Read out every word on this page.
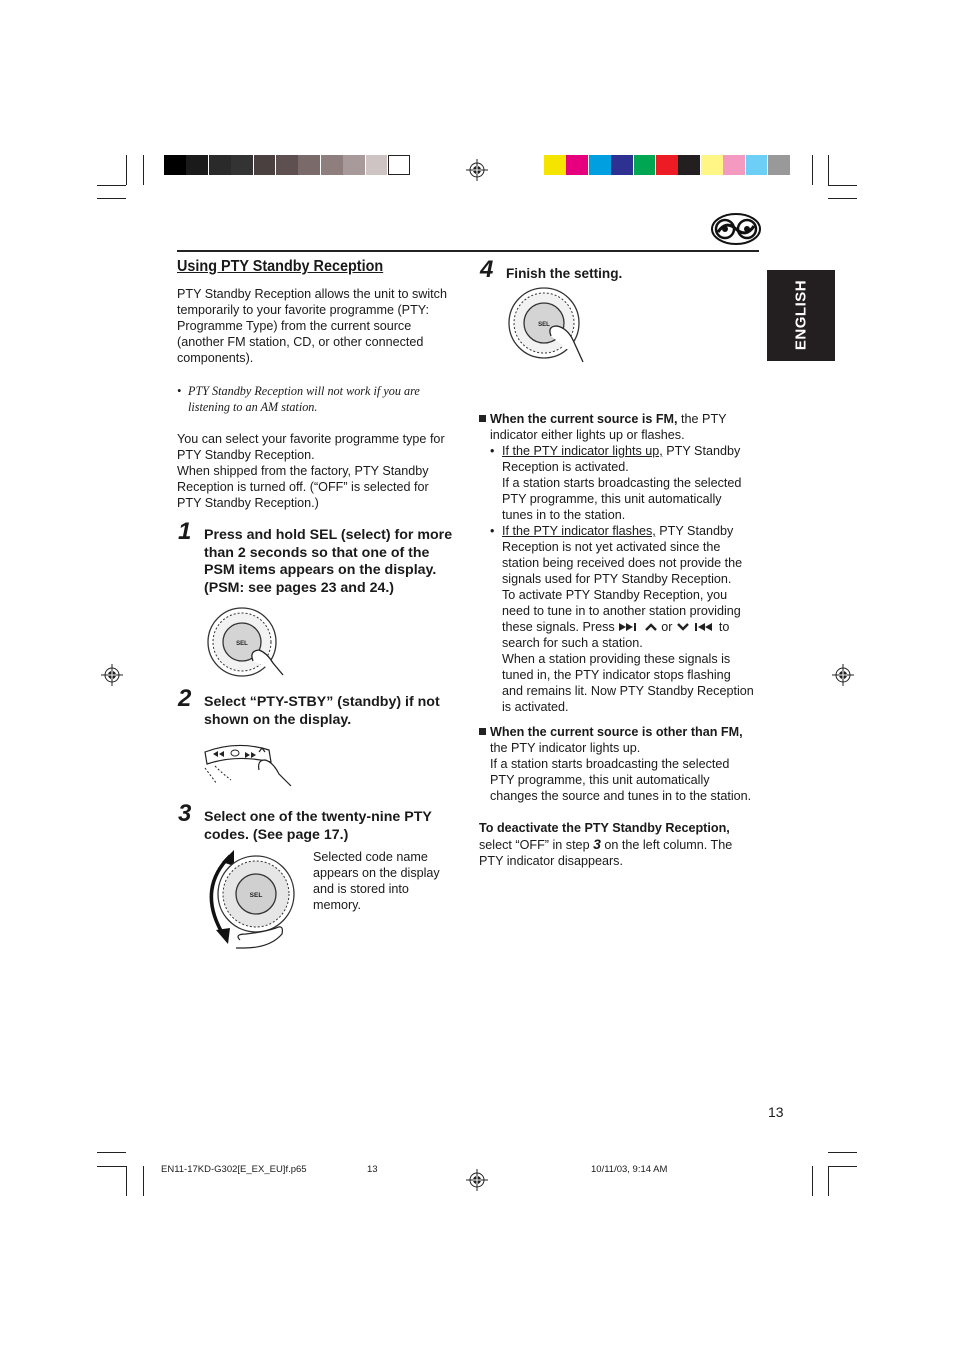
ENGLISH
Using PTY Standby Reception
PTY Standby Reception allows the unit to switch
temporarily to your favorite programme (PTY:
Programme Type) from the current source
(another FM station, CD, or other connected
components).
• PTY Standby Reception will not work if you are
listening to an AM station.
You can select your favorite programme type for
PTY Standby Reception.
When shipped from the factory, PTY Standby
Reception is turned off. (“OFF” is selected for
PTY Standby Reception.)
1 Press and hold SEL (select) for more
than 2 seconds so that one of the
PSM items appears on the display.
(PSM: see pages 23 and 24.)
SEL
2 Select “PTY-STBY” (standby) if not
shown on the display.
3 Select one of the twenty-nine PTY
codes. (See page 17.)
Selected code name
appears on the display
and is stored into
memory.
SEL
4 Finish the setting.
SEL
When the current source is FM, the PTY
indicator either lights up or flashes.
• If the PTY indicator lights up, PTY Standby
Reception is activated.
If a station starts broadcasting the selected
PTY programme, this unit automatically
tunes in to the station.
• If the PTY indicator flashes, PTY Standby
Reception is not yet activated since the
station being received does not provide the
signals used for PTY Standby Reception.
To activate PTY Standby Reception, you
need to tune in to another station providing
these signals. Press	or	to
search for such a station.
When a station providing these signals is
tuned in, the PTY indicator stops flashing
and remains lit. Now PTY Standby Reception
is activated.
When the current source is other than FM,
the PTY indicator lights up.
If a station starts broadcasting the selected
PTY programme, this unit automatically
changes the source and tunes in to the station.
To deactivate the PTY Standby Reception,
select “OFF” in step 3 on the left column. The
PTY indicator disappears.
13
EN11-17KD-G302[E_EX_EU]f.p65	13	10/11/03, 9:14 AM
